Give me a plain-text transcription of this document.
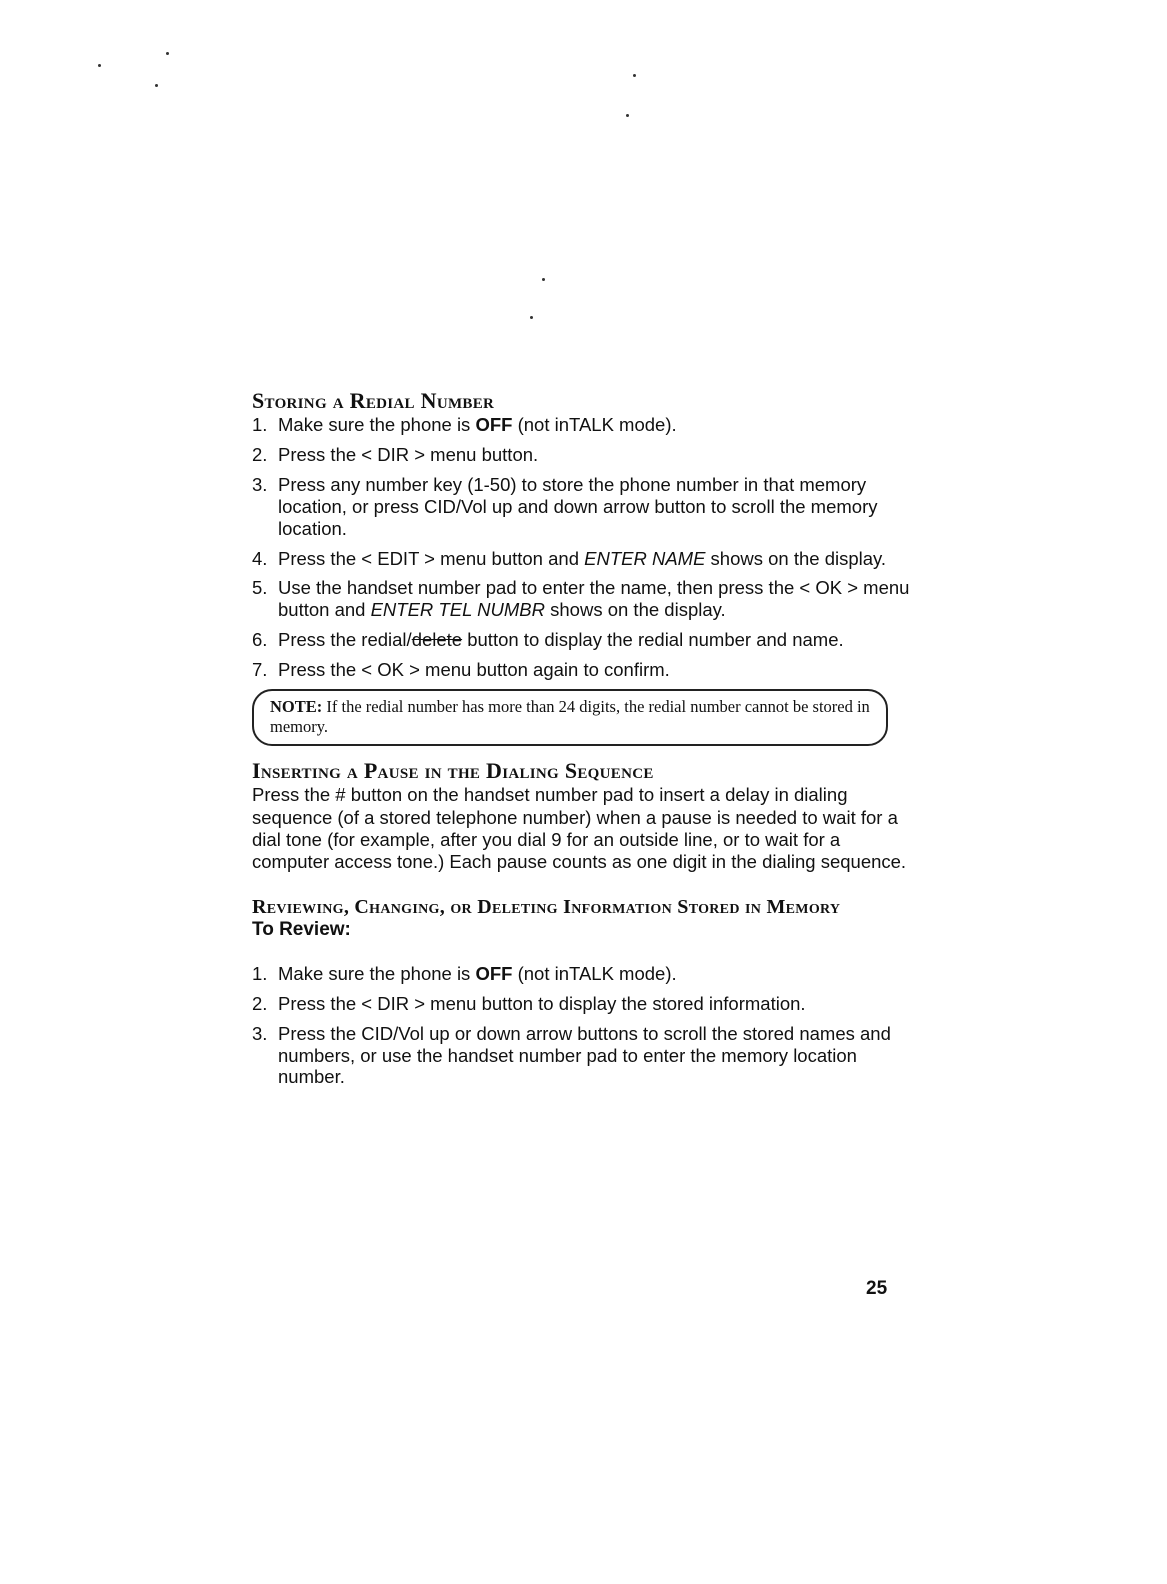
Storing a Redial Number
1. Make sure the phone is OFF (not inTALK mode).
2. Press the < DIR > menu button.
3. Press any number key (1-50) to store the phone number in that memory location, or press CID/Vol up and down arrow button to scroll the memory location.
4. Press the < EDIT > menu button and ENTER NAME shows on the display.
5. Use the handset number pad to enter the name, then press the < OK > menu button and ENTER TEL NUMBR shows on the display.
6. Press the redial/delete button to display the redial number and name.
7. Press the < OK > menu button again to confirm.
NOTE: If the redial number has more than 24 digits, the redial number cannot be stored in memory.
Inserting a Pause in the Dialing Sequence

Press the # button on the handset number pad to insert a delay in dialing sequence (of a stored telephone number) when a pause is needed to wait for a dial tone (for example, after you dial 9 for an outside line, or to wait for a computer access tone.) Each pause counts as one digit in the dialing sequence.

Reviewing, Changing, or Deleting Information Stored in Memory

To Review:

1. Make sure the phone is OFF (not inTALK mode).
2. Press the < DIR > menu button to display the stored information.
3. Press the CID/Vol up or down arrow buttons to scroll the stored names and numbers, or use the handset number pad to enter the memory location number.
25
